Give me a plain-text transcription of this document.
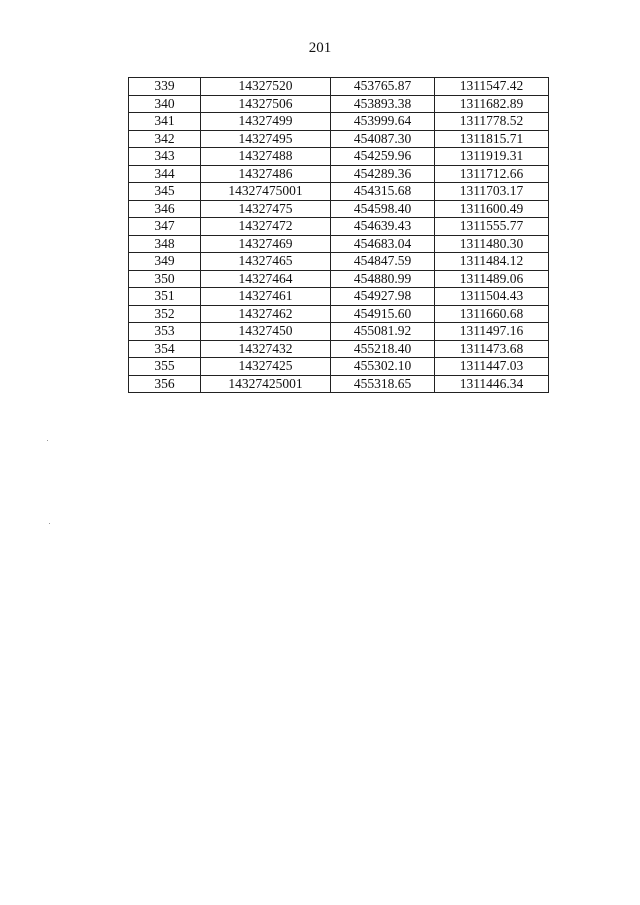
201
339	14327520	453765.87	1311547.42
340	14327506	453893.38	1311682.89
341	14327499	453999.64	1311778.52
342	14327495	454087.30	1311815.71
343	14327488	454259.96	1311919.31
344	14327486	454289.36	1311712.66
345	14327475001	454315.68	1311703.17
346	14327475	454598.40	1311600.49
347	14327472	454639.43	1311555.77
348	14327469	454683.04	1311480.30
349	14327465	454847.59	1311484.12
350	14327464	454880.99	1311489.06
351	14327461	454927.98	1311504.43
352	14327462	454915.60	1311660.68
353	14327450	455081.92	1311497.16
354	14327432	455218.40	1311473.68
355	14327425	455302.10	1311447.03
356	14327425001	455318.65	1311446.34
